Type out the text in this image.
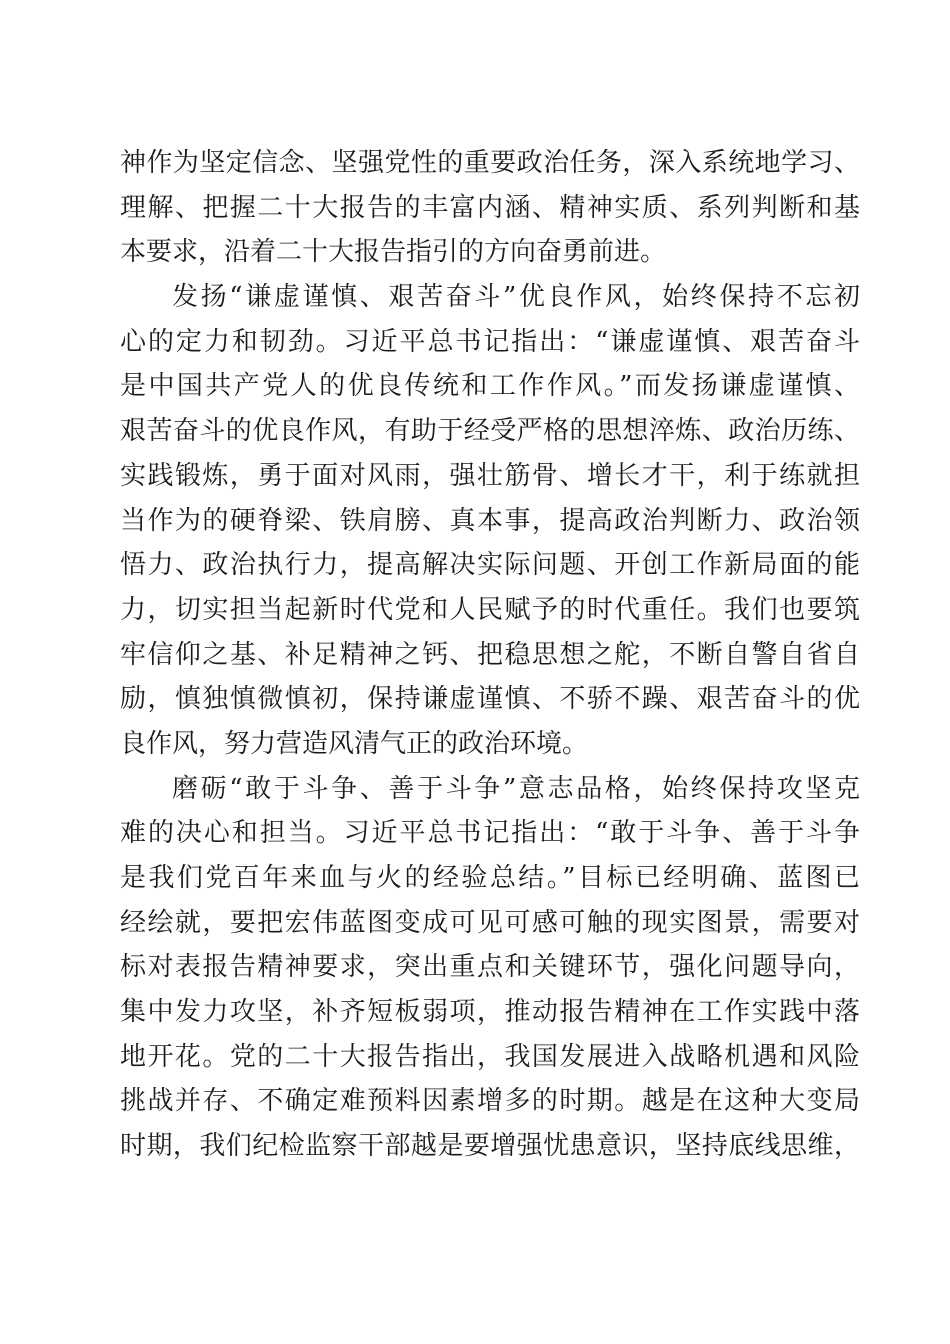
神作为坚定信念、坚强党性的重要政治任务，深入系统地学习、
理解、把握二十大报告的丰富内涵、精神实质、系列判断和基
本要求，沿着二十大报告指引的方向奋勇前进。
发扬“谦虚谨慎、艰苦奋斗”优良作风，始终保持不忘初
心的定力和韧劲。习近平总书记指出：“谦虚谨慎、艰苦奋斗
是中国共产党人的优良传统和工作作风。”而发扬谦虚谨慎、
艰苦奋斗的优良作风，有助于经受严格的思想淬炼、政治历练、
实践锻炼，勇于面对风雨，强壮筋骨、增长才干，利于练就担
当作为的硬脊梁、铁肩膀、真本事，提高政治判断力、政治领
悟力、政治执行力，提高解决实际问题、开创工作新局面的能
力，切实担当起新时代党和人民赋予的时代重任。我们也要筑
牢信仰之基、补足精神之钙、把稳思想之舵，不断自警自省自
励，慎独慎微慎初，保持谦虚谨慎、不骄不躁、艰苦奋斗的优
良作风，努力营造风清气正的政治环境。
磨砺“敢于斗争、善于斗争”意志品格，始终保持攻坚克
难的决心和担当。习近平总书记指出：“敢于斗争、善于斗争
是我们党百年来血与火的经验总结。”目标已经明确、蓝图已
经绘就，要把宏伟蓝图变成可见可感可触的现实图景，需要对
标对表报告精神要求，突出重点和关键环节，强化问题导向，
集中发力攻坚，补齐短板弱项，推动报告精神在工作实践中落
地开花。党的二十大报告指出，我国发展进入战略机遇和风险
挑战并存、不确定难预料因素增多的时期。越是在这种大变局
时期，我们纪检监察干部越是要增强忧患意识，坚持底线思维，
